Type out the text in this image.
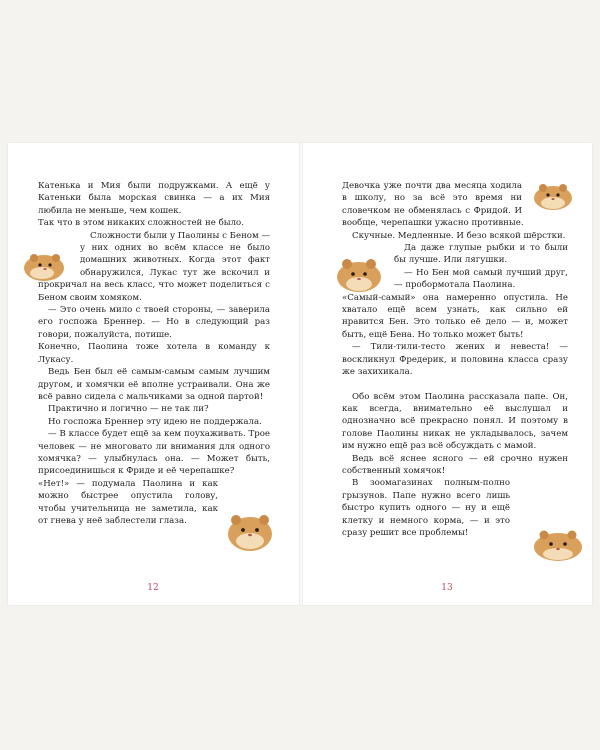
Катенька и Мия были подружками. А ещё у Катеньки была морская свинка — а их Мия любила не меньше, чем кошек.

Так что в этом никаких сложностей не было.

Сложности были у Паолины с Беном — у них одних во всём классе не было домашних животных. Когда этот факт обнаружился, Лукас тут же вскочил и прокричал на весь класс, что может поделиться с Беном своим хомяком.

— Это очень мило с твоей стороны, — заверила его госпожа Бреннер. — Но в следующий раз говори, пожалуйста, потише.

Конечно, Паолина тоже хотела в команду к Лукасу.

Ведь Бен был её самым-самым самым лучшим другом, и хомячки её вполне устраивали. Она же всё равно сидела с мальчиками за одной партой!

Практично и логично — не так ли?

Но госпожа Бреннер эту идею не поддержала.

— В классе будет ещё за кем поухаживать. Трое человек — не многовато ли внимания для одного хомячка? — улыбнулась она. — Может быть, присоединишься к Фриде и её черепашке?

«Нет!» — подумала Паолина и как можно быстрее опустила голову, чтобы учительница не заметила, как от гнева у неё заблестели глаза.

12

Девочка уже почти два месяца ходила в школу, но за всё это время ни словечком не обменялась с Фридой. И вообще, черепашки ужасно противные.

Скучные. Медленные. И безо всякой шёрстки.

Да даже глупые рыбки и то были бы лучше. Или лягушки.

— Но Бен мой самый лучший друг, — пробормотала Паолина.

«Самый-самый» она намеренно опустила. Не хватало ещё всем узнать, как сильно ей нравится Бен. Это только её дело — и, может быть, ещё Бена. Но только может быть!

— Тили-тили-тесто жених и невеста! — воскликнул Фредерик, и половина класса сразу же захихикала.

Обо всём этом Паолина рассказала папе. Он, как всегда, внимательно её выслушал и однозначно всё прекрасно понял. И поэтому в голове Паолины никак не укладывалось, зачем им нужно ещё раз всё обсуждать с мамой.

Ведь всё яснее ясного — ей срочно нужен собственный хомячок!

В зоомагазинах полным-полно грызунов. Папе нужно всего лишь быстро купить одного — ну и ещё клетку и немного корма, — и это сразу решит все проблемы!

13
